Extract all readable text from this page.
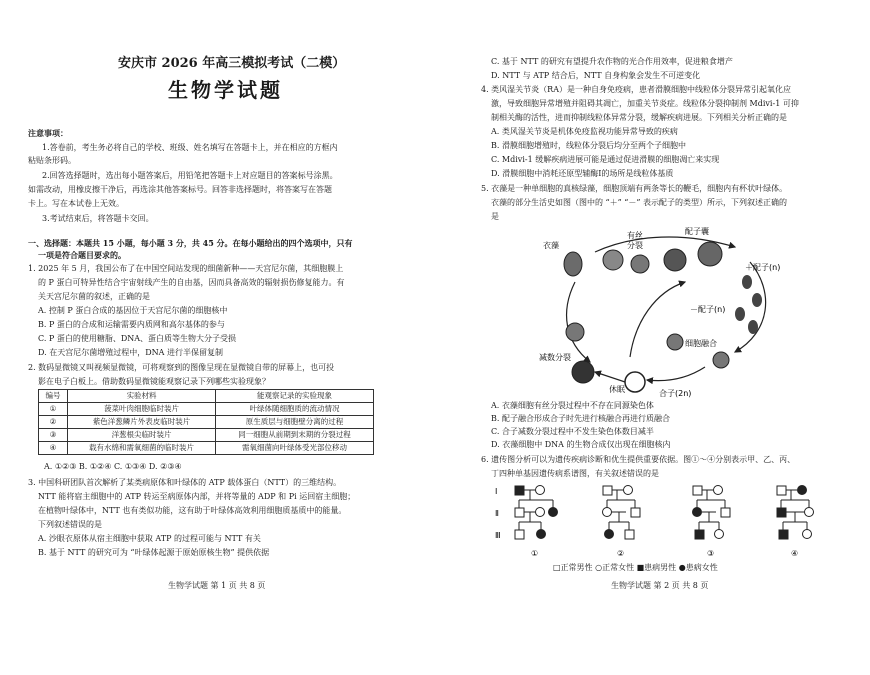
安庆市 2026 年高三模拟考试（二模）
生物学试题
注意事项：
1.答卷前，考生务必将自己的学校、班级、姓名填写在答题卡上，并在相应的方框内
粘贴条形码。
2.回答选择题时，选出每小题答案后，用铅笔把答题卡上对应题目的答案标号涂黑。
如需改动，用橡皮擦干净后，再选涂其他答案标号。回答非选择题时，将答案写在答题
卡上。写在本试卷上无效。
3.考试结束后，将答题卡交回。
一、选择题：本题共 15 小题，每小题 3 分，共 45 分。在每小题给出的四个选项中，只有
一项是符合题目要求的。
1. 2025 年 5 月，我国公布了在中国空间站发现的细菌新种——天宫尼尔菌，其细胞膜上
的 P 蛋白可特异性结合宇宙射线产生的自由基，因而具备高效的辐射损伤修复能力。有
关天宫尼尔菌的叙述，正确的是
A. 控制 P 蛋白合成的基因位于天宫尼尔菌的细胞核中
B. P 蛋白的合成和运输需要内质网和高尔基体的参与
C. P 蛋白的使用糖脂、DNA、蛋白质等生物大分子受损
D. 在天宫尼尔菌增殖过程中，DNA 进行半保留复制
2. 数码显微镜又叫视频显微镜，可将观察到的图像呈现在显微镜自带的屏幕上，也可投
影在电子白板上。借助数码显微镜能观察记录下列哪些实验现象？
编号	实验材料	能观察记录的实验现象
①	菠菜叶肉细胞临时装片	叶绿体随细胞质的流动情况
②	紫色洋葱鳞片外表皮临时装片	原生质层与细胞壁分离的过程
③	洋葱根尖临时装片	同一细胞从前期到末期的分裂过程
④	载有水绵和需氧细菌的临时装片	需氧细菌向叶绿体受光部位移动
A. ①②③ B. ①②④ C. ①③④ D. ②③④
3. 中国科研团队首次解析了某类病原体和叶绿体的 ATP 载体蛋白（NTT）的三维结构。
NTT 能将宿主细胞中的 ATP 转运至病原体内部，并将等量的 ADP 和 Pi 运回宿主细胞；
在植物叶绿体中，NTT 也有类似功能，这有助于叶绿体高效利用细胞质基质中的能量。
下列叙述错误的是
A. 沙眼衣原体从宿主细胞中获取 ATP 的过程可能与 NTT 有关
B. 基于 NTT 的研究可为 “叶绿体起源于原始原核生物” 提供依据
生物学试题 第 1 页 共 8 页
C. 基于 NTT 的研究有望提升农作物的光合作用效率，促进粮食增产
D. NTT 与 ATP 结合后，NTT 自身构象会发生不可逆变化
4. 类风湿关节炎（RA）是一种自身免疫病，患者滑膜细胞中线粒体分裂异常引起氧化应
激，导致细胞异常增殖并阻碍其凋亡，加重关节炎症。线粒体分裂抑制剂 Mdivi-1 可抑
制相关酶的活性，进而抑制线粒体异常分裂，缓解疾病进展。下列相关分析正确的是
A. 类风湿关节炎是机体免疫监视功能异常导致的疾病
B. 滑膜细胞增殖时，线粒体分裂后均分至两个子细胞中
C. Mdivi-1 缓解疾病进展可能是通过促进滑膜的细胞凋亡来实现
D. 滑膜细胞中消耗还原型辅酶Ⅰ的场所是线粒体基质
5. 衣藻是一种单细胞的真核绿藻，细胞顶端有两条等长的鞭毛，细胞内有杯状叶绿体。
衣藻的部分生活史如图（图中的 “＋” “－” 表示配子的类型）所示，下列叙述正确的
是
衣藻
有丝
分裂
配子囊
＋配子(n)
－配子(n)
细胞融合
减数分裂
休眠	合子(2n)
A. 衣藻细胞有丝分裂过程中不存在同源染色体
B. 配子融合形成合子时先进行核融合再进行质融合
C. 合子减数分裂过程中不发生染色体数目减半
D. 衣藻细胞中 DNA 的生物合成仅出现在细胞核内
6. 遗传图分析可以为遗传疾病诊断和优生提供重要依据。图①～④分别表示甲、乙、丙、
丁四种单基因遗传病系谱图，有关叙述错误的是
Ⅰ
Ⅱ
Ⅲ
①	②	③	④
□正常男性 ○正常女性 ■患病男性 ●患病女性
生物学试题 第 2 页 共 8 页
